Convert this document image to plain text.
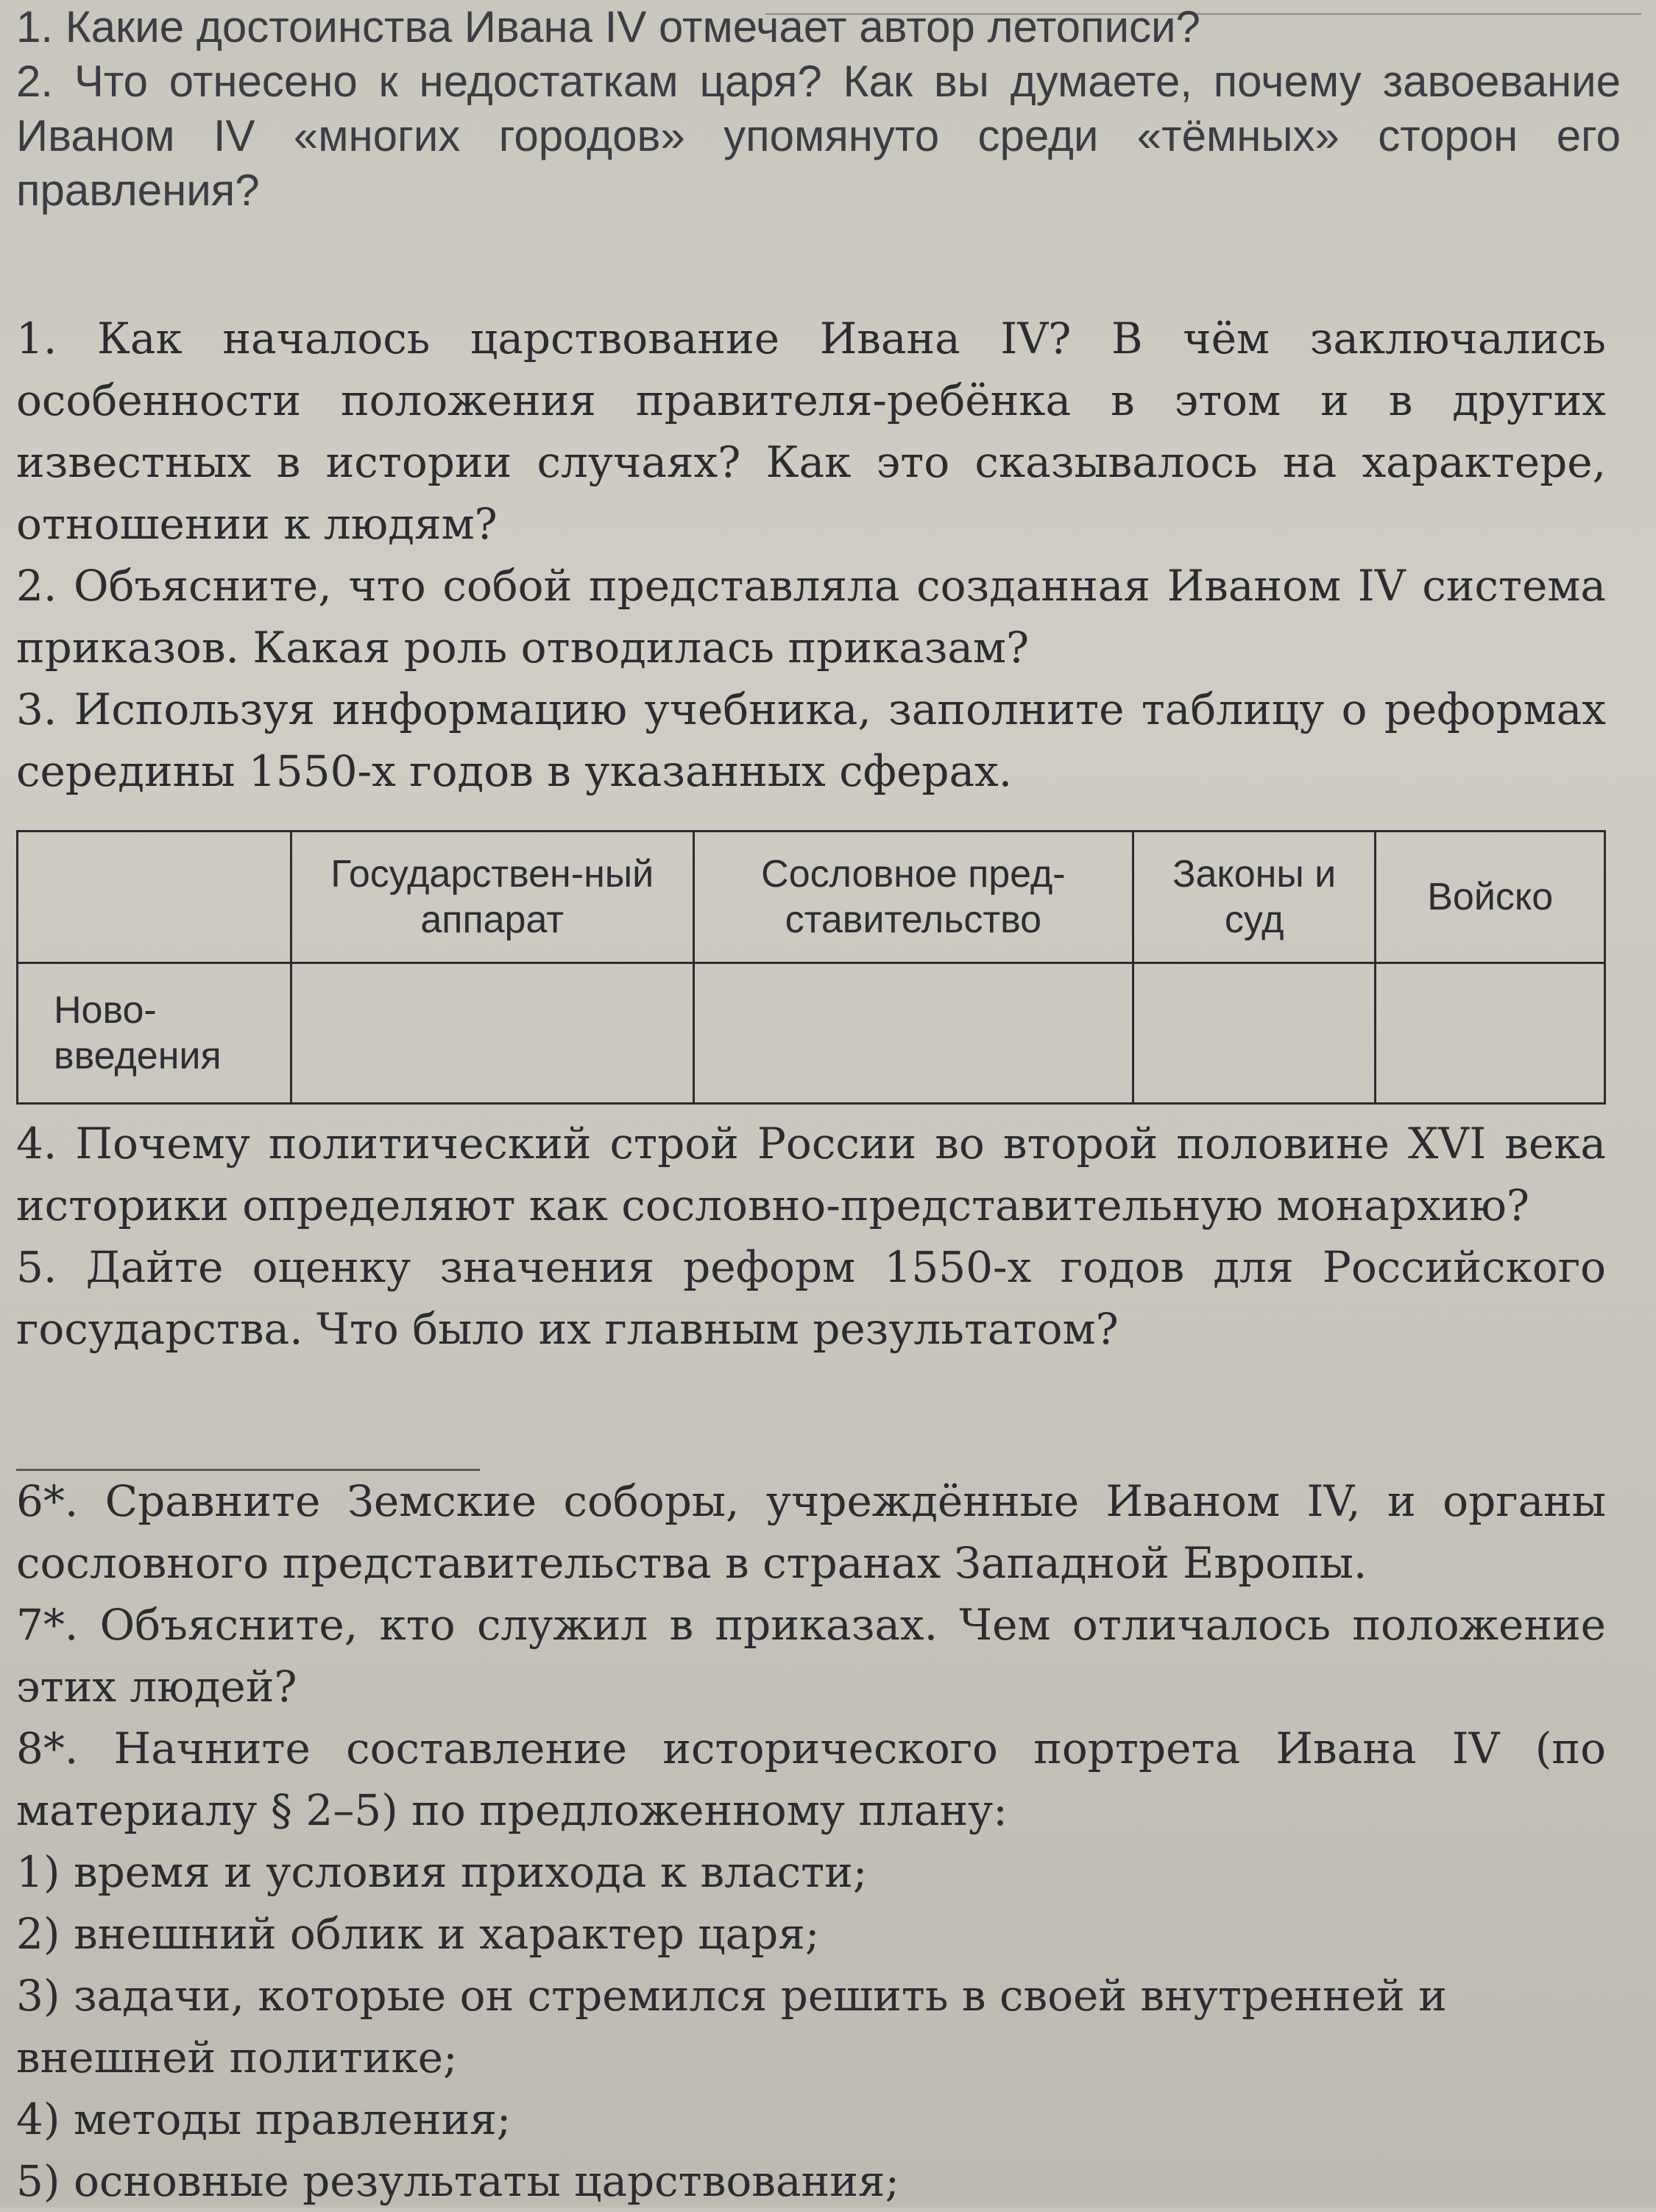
1. Какие достоинства Ивана IV отмечает автор летописи?

2. Что отнесено к недостаткам царя? Как вы думаете, почему завоевание Иваном IV «многих городов» упомянуто среди «тёмных» сторон его правления?

1. Как началось царствование Ивана IV? В чём заключались особенности положения правителя-ребёнка в этом и в других известных в истории случаях? Как это сказывалось на характере, отношении к людям?

2. Объясните, что собой представляла созданная Иваном IV система приказов. Какая роль отводилась приказам?

3. Используя информацию учебника, заполните таблицу о реформах середины 1550-х годов в указанных сферах.

	Государствен-ный аппарат	Сословное пред-ставительство	Законы и суд	Войско
Ново-введения				

4. Почему политический строй России во второй половине XVI века историки определяют как сословно-представительную монархию?

5. Дайте оценку значения реформ 1550-х годов для Российского государства. Что было их главным результатом?

6*. Сравните Земские соборы, учреждённые Иваном IV, и органы сословного представительства в странах Западной Европы.

7*. Объясните, кто служил в приказах. Чем отличалось положение этих людей?

8*. Начните составление исторического портрета Ивана IV (по материалу § 2–5) по предложенному плану:

1) время и условия прихода к власти;

2) внешний облик и характер царя;

3) задачи, которые он стремился решить в своей внутренней и внешней политике;

4) методы правления;

5) основные результаты царствования;
